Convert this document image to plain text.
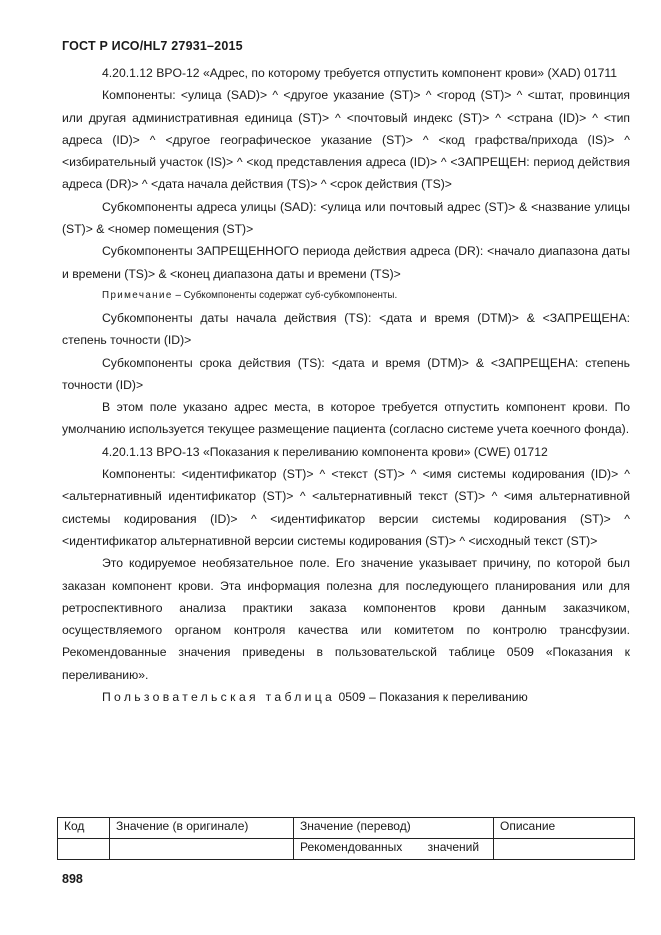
ГОСТ Р ИСО/HL7 27931–2015

4.20.1.12 BPO-12 «Адрес, по которому требуется отпустить компонент крови» (XAD) 01711

Компоненты: <улица (SAD)> ^ <другое указание (ST)> ^ <город (ST)> ^ <штат, провинция или другая административная единица (ST)> ^ <почтовый индекс (ST)> ^ <страна (ID)> ^ <тип адреса (ID)> ^ <другое географическое указание (ST)> ^ <код графства/прихода (IS)> ^ <избирательный участок (IS)> ^ <код представления адреса (ID)> ^ <ЗАПРЕЩЕН: период действия адреса (DR)> ^ <дата начала действия (TS)> ^ <срок действия (TS)>

Субкомпоненты адреса улицы (SAD): <улица или почтовый адрес (ST)> & <название улицы (ST)> & <номер помещения (ST)>

Субкомпоненты ЗАПРЕЩЕННОГО периода действия адреса (DR): <начало диапазона даты и времени (TS)> & <конец диапазона даты и времени (TS)>

Примечание – Субкомпоненты содержат суб-субкомпоненты.

Субкомпоненты даты начала действия (TS): <дата и время (DTM)> & <ЗАПРЕЩЕНА: степень точности (ID)>

Субкомпоненты срока действия (TS): <дата и время (DTM)> & <ЗАПРЕЩЕНА: степень точности (ID)>

В этом поле указано адрес места, в которое требуется отпустить компонент крови. По умолчанию используется текущее размещение пациента (согласно системе учета коечного фонда).

4.20.1.13 BPO-13 «Показания к переливанию компонента крови» (CWE) 01712

Компоненты: <идентификатор (ST)> ^ <текст (ST)> ^ <имя системы кодирования (ID)> ^ <альтернативный идентификатор (ST)> ^ <альтернативный текст (ST)> ^ <имя альтернативной системы кодирования (ID)> ^ <идентификатор версии системы кодирования (ST)> ^ <идентификатор альтернативной версии системы кодирования (ST)> ^ <исходный текст (ST)>

Это кодируемое необязательное поле. Его значение указывает причину, по которой был заказан компонент крови. Эта информация полезна для последующего планирования или для ретроспективного анализа практики заказа компонентов крови данным заказчиком, осуществляемого органом контроля качества или комитетом по контролю трансфузии. Рекомендованные значения приведены в пользовательской таблице 0509 «Показания к переливанию».

Пользовательская таблица 0509 – Показания к переливанию

Код	Значение (в оригинале)	Значение (перевод)	Описание
		Рекомендованных значений	
898
